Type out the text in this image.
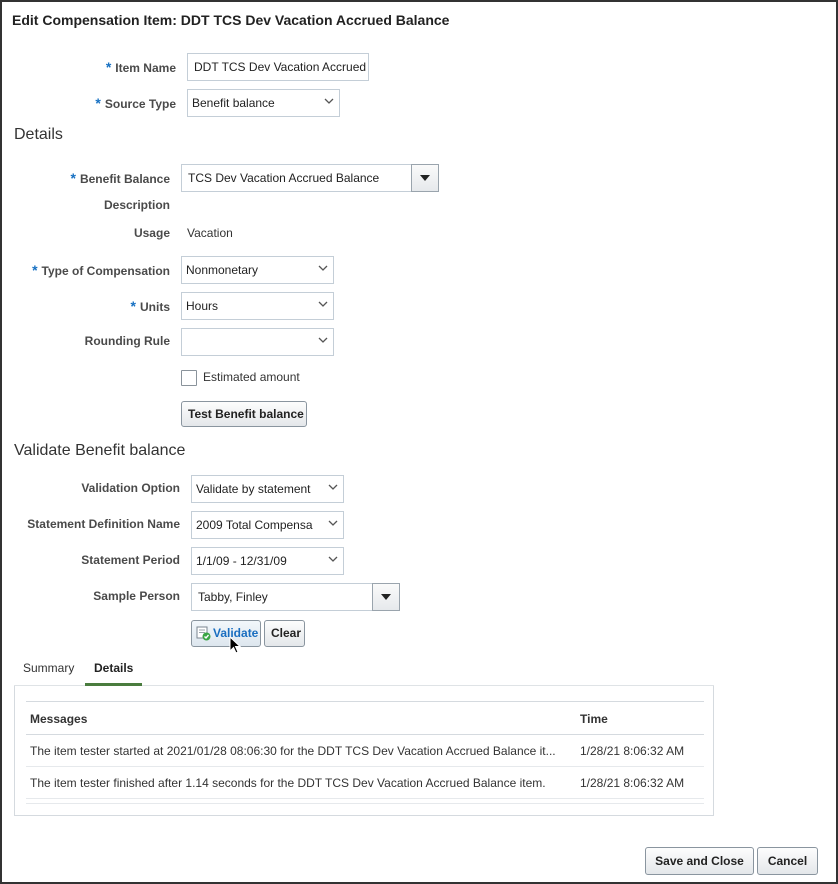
Edit Compensation Item: DDT TCS Dev Vacation Accrued Balance
* Item Name	DDT TCS Dev Vacation Accrued
* Source Type	Benefit balance
Details
* Benefit Balance	TCS Dev Vacation Accrued Balance
Description
Usage Vacation
* Type of Compensation	Nonmonetary
* Units	Hours
Rounding Rule
Estimated amount
Test Benefit balance
Validate Benefit balance
Validation Option	Validate by statement
Statement Definition Name	2009 Total Compensa
Statement Period	1/1/09 - 12/31/09
Sample Person	Tabby, Finley
Validate	Clear
Summary Details
Messages	Time
The item tester started at 2021/01/28 08:06:30 for the DDT TCS Dev Vacation Accrued Balance it...	1/28/21 8:06:32 AM
The item tester finished after 1.14 seconds for the DDT TCS Dev Vacation Accrued Balance item.	1/28/21 8:06:32 AM
Save and Close	Cancel
